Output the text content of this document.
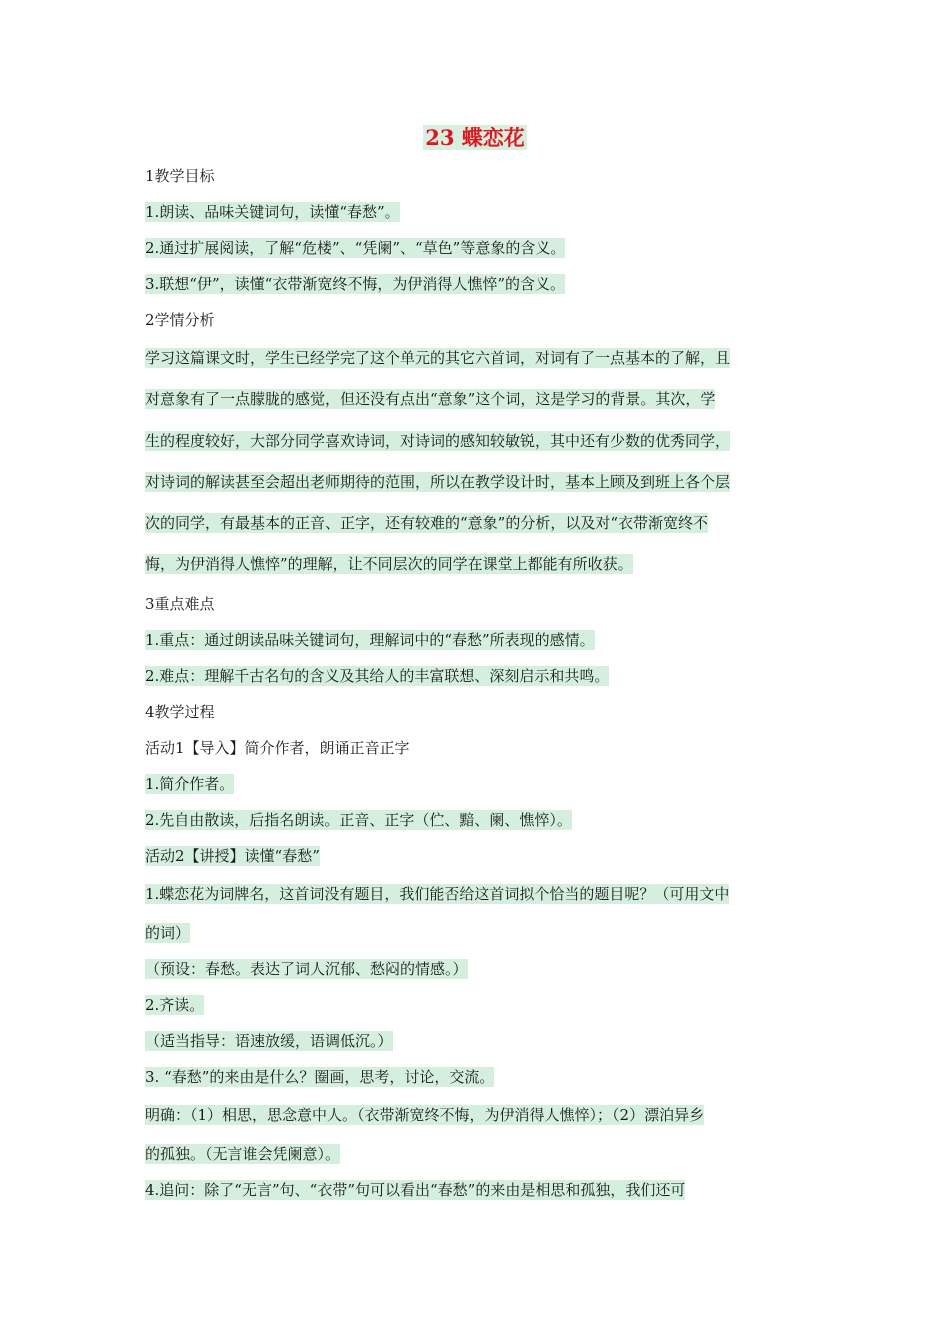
23 蝶恋花
1教学目标
1.朗读、品味关键词句，读懂“春愁”。
2.通过扩展阅读，了解“危楼”、“凭阑”、“草色”等意象的含义。
3.联想“伊”，读懂“衣带渐宽终不悔，为伊消得人憔悴”的含义。
2学情分析
学习这篇课文时，学生已经学完了这个单元的其它六首词，对词有了一点基本的了解，且
对意象有了一点朦胧的感觉，但还没有点出“意象”这个词，这是学习的背景。其次，学
生的程度较好，大部分同学喜欢诗词，对诗词的感知较敏锐，其中还有少数的优秀同学，
对诗词的解读甚至会超出老师期待的范围，所以在教学设计时，基本上顾及到班上各个层
次的同学，有最基本的正音、正字，还有较难的“意象”的分析，以及对“衣带渐宽终不
悔，为伊消得人憔悴”的理解，让不同层次的同学在课堂上都能有所收获。
3重点难点
1.重点：通过朗读品味关键词句，理解词中的“春愁”所表现的感情。
2.难点：理解千古名句的含义及其给人的丰富联想、深刻启示和共鸣。
4教学过程
活动1【导入】简介作者，朗诵正音正字
1.简介作者。
2.先自由散读，后指名朗读。正音、正字（伫、黯、阑、憔悴）。
活动2【讲授】读懂“春愁”
1.蝶恋花为词牌名，这首词没有题目，我们能否给这首词拟个恰当的题目呢？（可用文中
的词）
（预设：春愁。表达了词人沉郁、愁闷的情感。）
2.齐读。
（适当指导：语速放缓，语调低沉。）
3. “春愁”的来由是什么？圈画，思考，讨论，交流。
明确：（1）相思，思念意中人。（衣带渐宽终不悔，为伊消得人憔悴）；（2）漂泊异乡
的孤独。（无言谁会凭阑意）。
4.追问：除了“无言”句、“衣带”句可以看出“春愁”的来由是相思和孤独，我们还可
